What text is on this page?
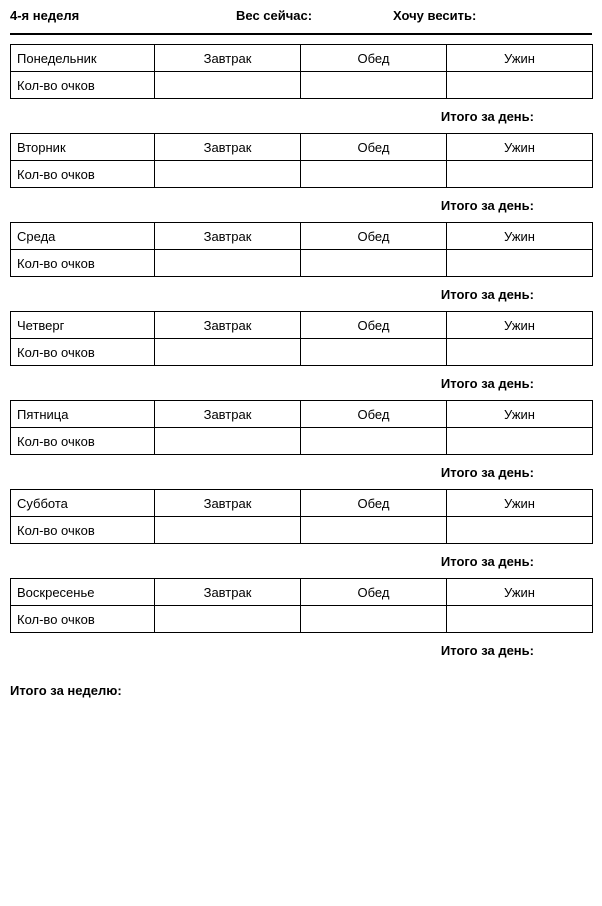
4-я неделя	Вес сейчас:	Хочу весить:
Понедельник	Завтрак	Обед	Ужин
Кол-во очков			
Итого за день:
Вторник	Завтрак	Обед	Ужин
Кол-во очков			
Итого за день:
Среда	Завтрак	Обед	Ужин
Кол-во очков			
Итого за день:
Четверг	Завтрак	Обед	Ужин
Кол-во очков			
Итого за день:
Пятница	Завтрак	Обед	Ужин
Кол-во очков			
Итого за день:
Суббота	Завтрак	Обед	Ужин
Кол-во очков			
Итого за день:
Воскресенье	Завтрак	Обед	Ужин
Кол-во очков			
Итого за день:
Итого за неделю:
